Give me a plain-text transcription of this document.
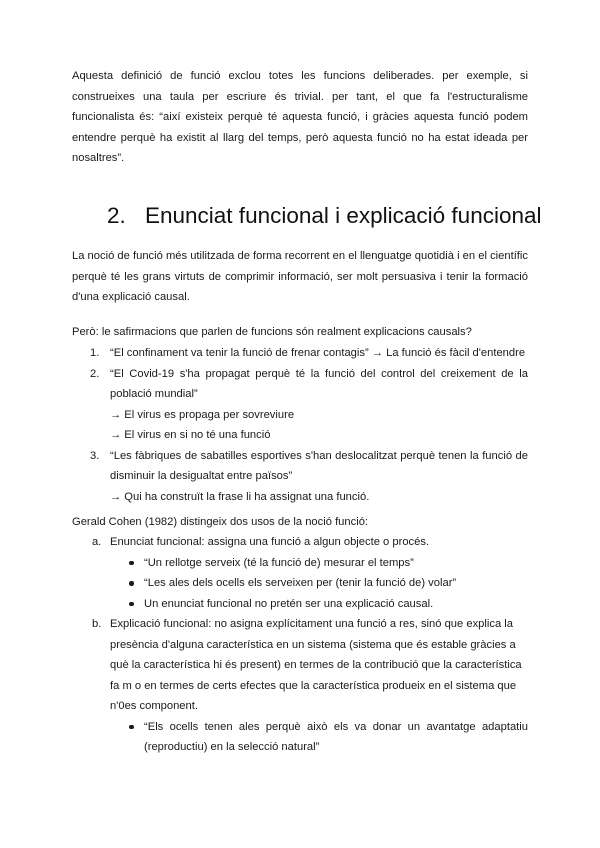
Aquesta definició de funció exclou totes les funcions deliberades. per exemple, si construeixes una taula per escriure és trivial. per tant, el que fa l'estructuralisme funcionalista és: “així existeix perquè té aquesta funció, i gràcies aquesta funció podem entendre perquè ha existit al llarg del temps, però aquesta funció no ha estat ideada per nosaltres”.

2. Enunciat funcional i explicació funcional

La noció de funció més utilitzada de forma recorrent en el llenguatge quotidià i en el científic perquè té les grans virtuts de comprimir informació, ser molt persuasiva i tenir la formació d'una explicació causal.

Però: le safirmacions que parlen de funcions són realment explicacions causals?

1. “El confinament va tenir la funció de frenar contagis” → La funció és fàcil d'entendre
2. “El Covid-19 s'ha propagat perquè té la funció del control del creixement de la població mundial”
→ El virus es propaga per sovreviure
→ El virus en si no té una funció
3. “Les fàbriques de sabatilles esportives s'han deslocalitzat perquè tenen la funció de disminuir la desigualtat entre països”
→ Qui ha construït la frase li ha assignat una funció.

Gerald Cohen (1982) distingeix dos usos de la noció funció:

a. Enunciat funcional: assigna una funció a algun objecte o procés.
“Un rellotge serveix (té la funció de) mesurar el temps”
“Les ales dels ocells els serveixen per (tenir la funció de) volar”
Un enunciat funcional no pretén ser una explicació causal.
b. Explicació funcional: no asigna explícitament una funció a res, sinó que explica la presència d'alguna característica en un sistema (sistema que és estable gràcies a què la característica hi és present) en termes de la contribució que la característica fa m o en termes de certs efectes que la característica produeix en el sistema que n'0es component.
“Els ocells tenen ales perquè això els va donar un avantatge adaptatiu (reproductiu) en la selecció natural”
